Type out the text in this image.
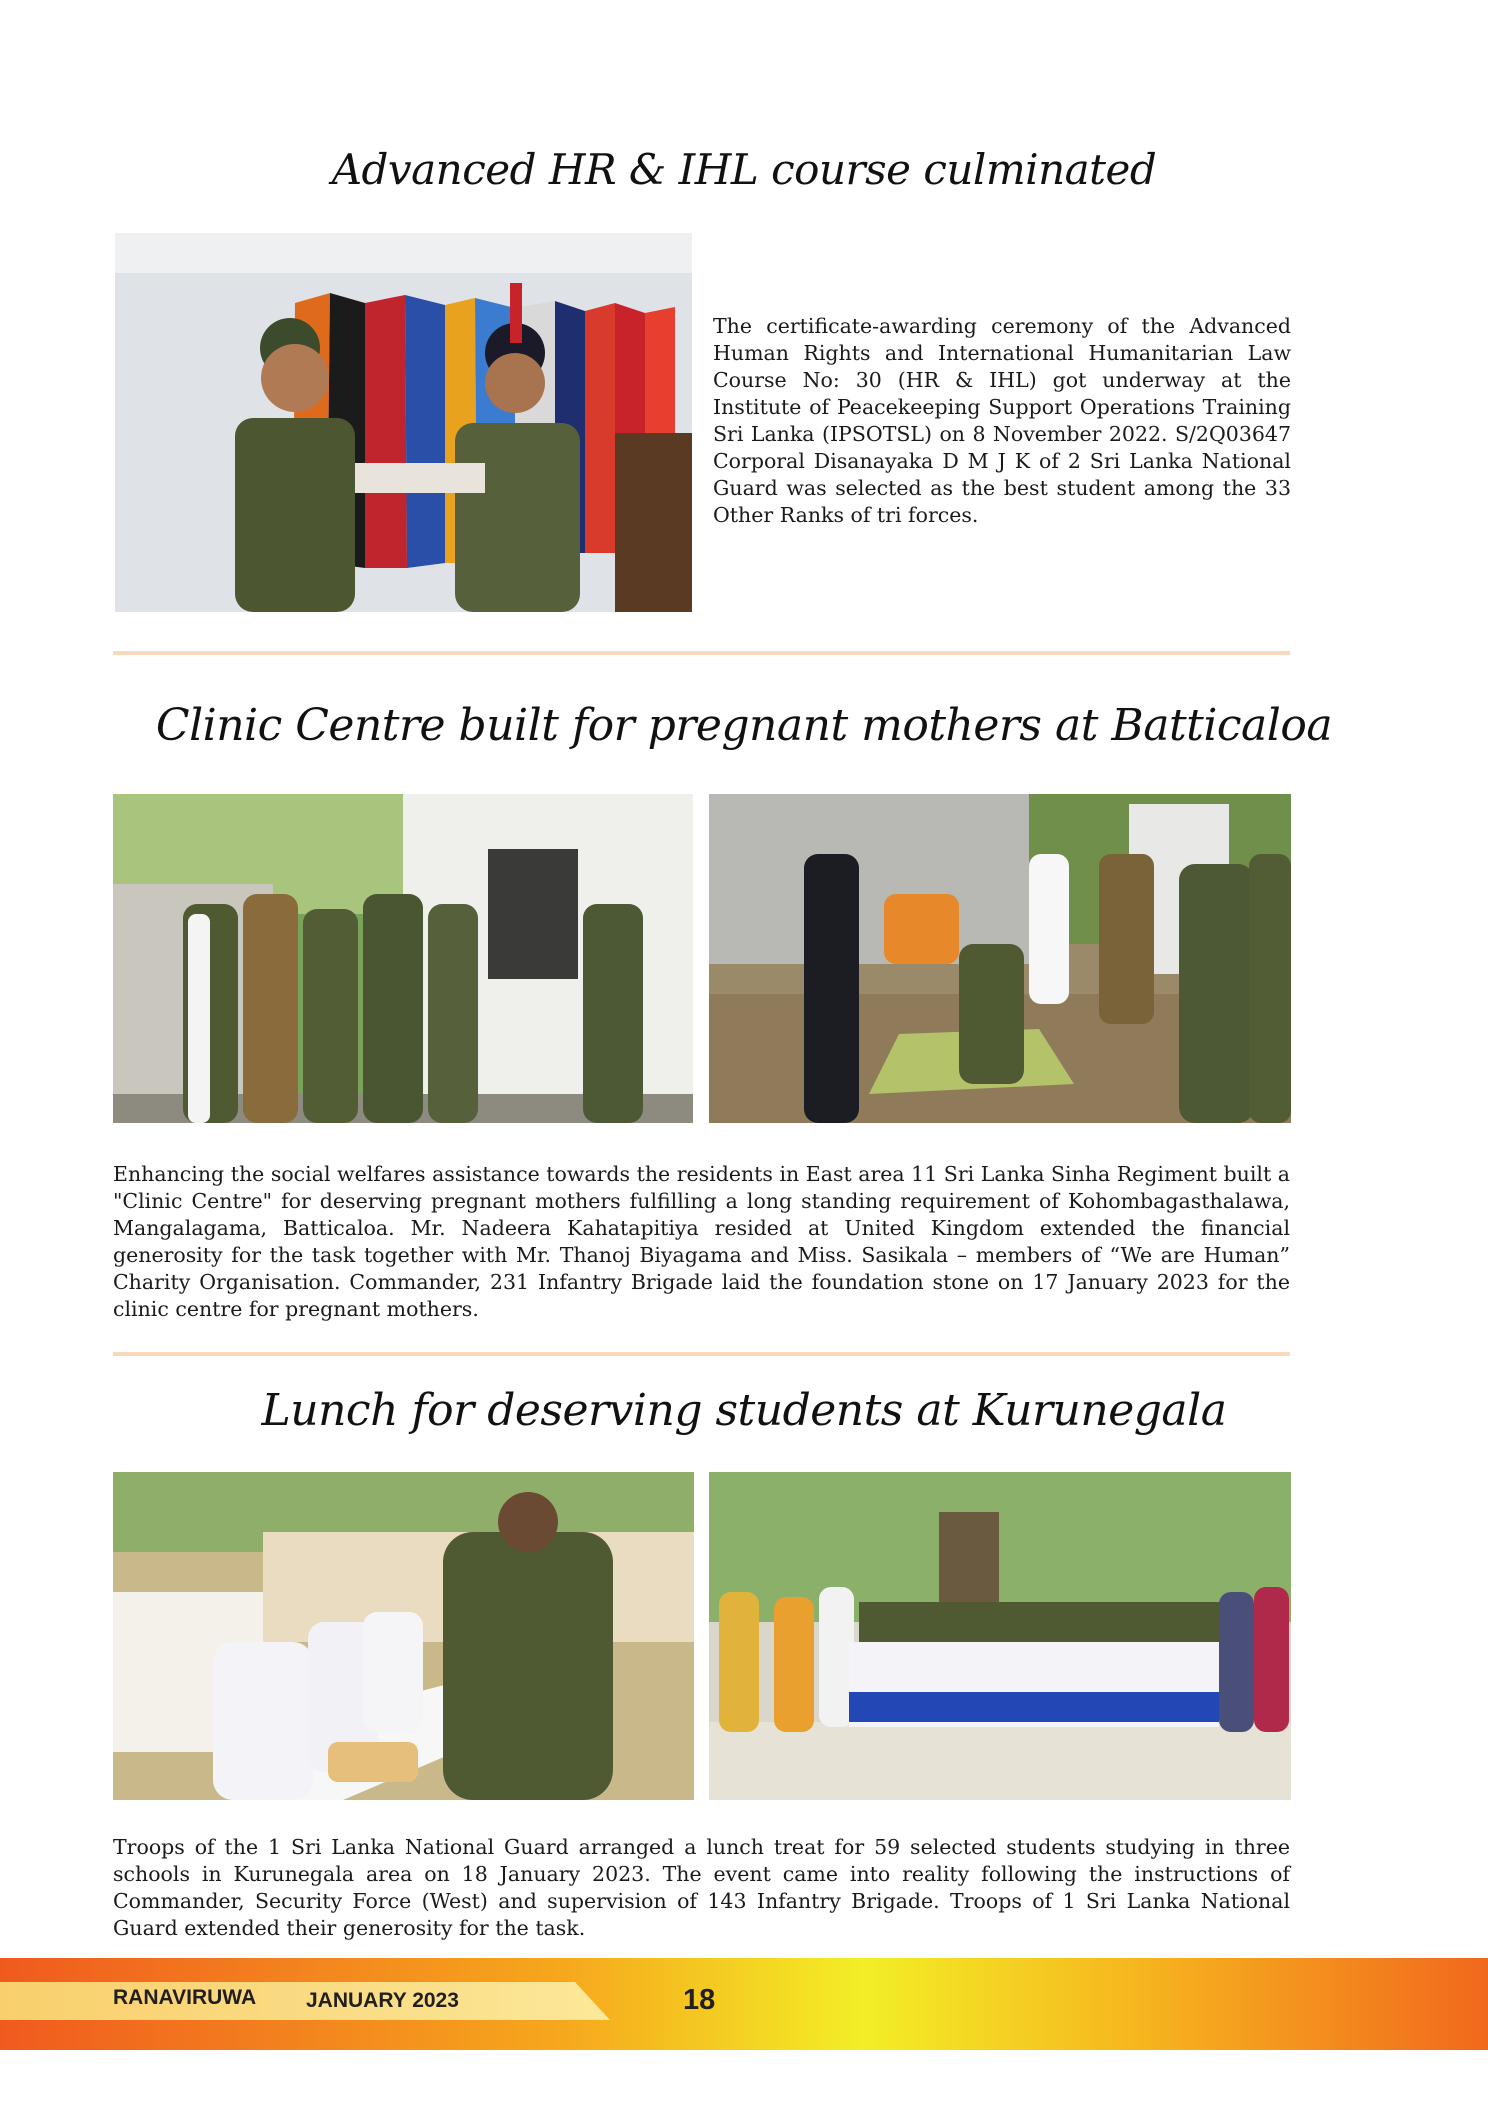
Advanced HR & IHL course culminated
The certificate-awarding ceremony of the Advanced Human Rights and International Humanitarian Law Course No: 30 (HR & IHL) got underway at the Institute of Peacekeeping Support Operations Training Sri Lanka (IPSOTSL) on 8 November 2022. S/2Q03647 Corporal Disanayaka D M J K of 2 Sri Lanka National Guard was selected as the best student among the 33 Other Ranks of tri forces.
Clinic Centre built for pregnant mothers at Batticaloa
Enhancing the social welfares assistance towards the residents in East area 11 Sri Lanka Sinha Regiment built a "Clinic Centre" for deserving pregnant mothers fulfilling a long standing requirement of Kohombagasthalawa, Mangalagama, Batticaloa. Mr. Nadeera Kahatapitiya resided at United Kingdom extended the financial generosity for the task together with Mr. Thanoj Biyagama and Miss. Sasikala – members of “We are Human” Charity Organisation. Commander, 231 Infantry Brigade laid the foundation stone on 17 January 2023 for the clinic centre for pregnant mothers.
Lunch for deserving students at Kurunegala
Troops of the 1 Sri Lanka National Guard arranged a lunch treat for 59 selected students studying in three schools in Kurunegala area on 18 January 2023. The event came into reality following the instructions of Commander, Security Force (West) and supervision of 143 Infantry Brigade. Troops of 1 Sri Lanka National Guard extended their generosity for the task.
RANAVIRUWA JANUARY 2023	18
